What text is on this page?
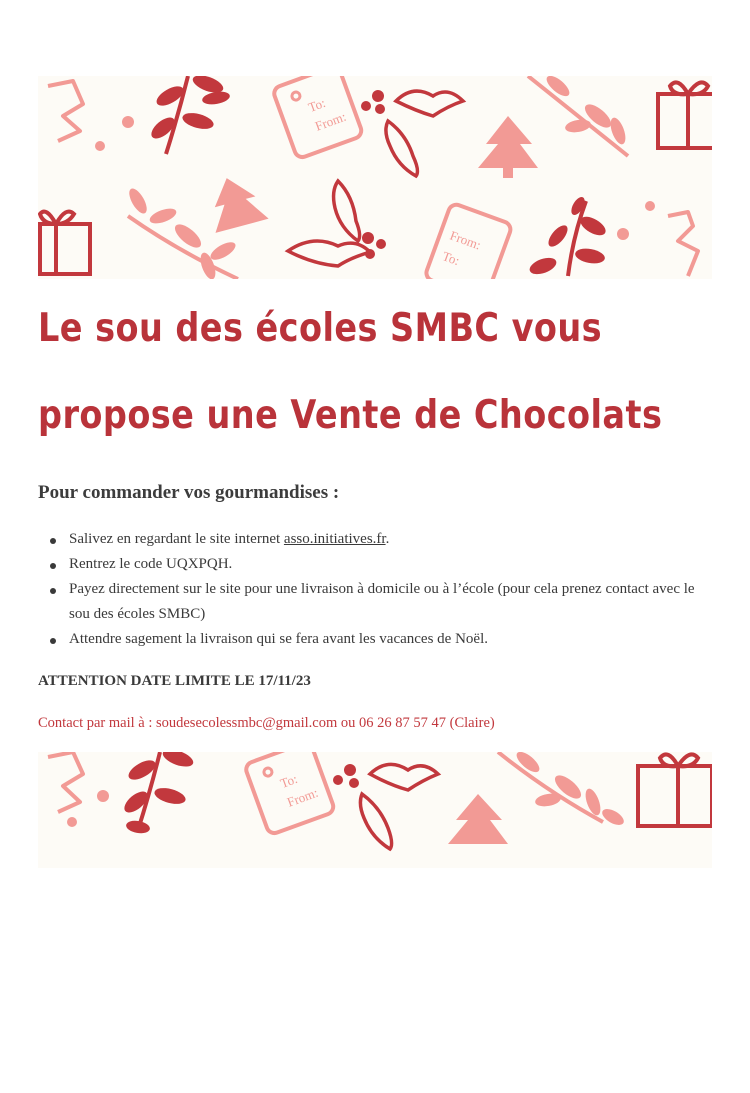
To:
From:
From:
To:
Le sou des écoles SMBC vous
propose une Vente de Chocolats
Pour commander vos gourmandises :
Salivez en regardant le site internet asso.initiatives.fr.
Rentrez le code UQXPQH.
Payez directement sur le site pour une livraison à domicile ou à l’école (pour cela prenez contact avec le sou des écoles SMBC)
Attendre sagement la livraison qui se fera avant les vacances de Noël.

ATTENTION DATE LIMITE LE 17/11/23

Contact par mail à : soudesecolessmbc@gmail.com ou 06 26 87 57 47 (Claire)

To:
From:
